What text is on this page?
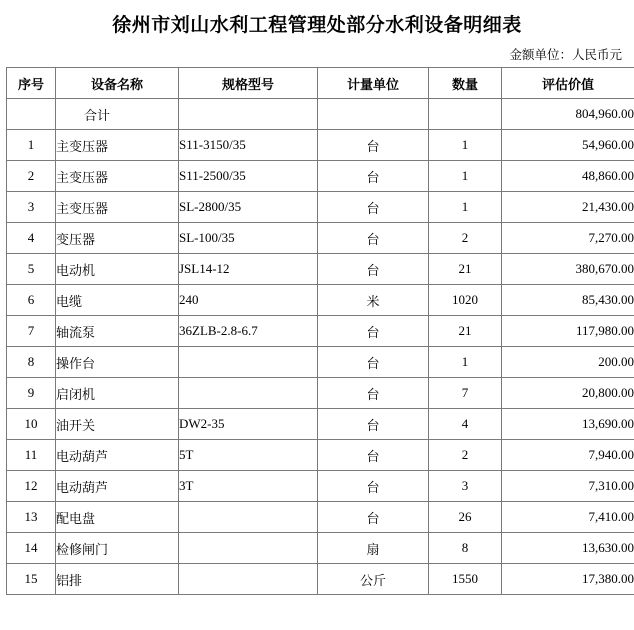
徐州市刘山水利工程管理处部分水利设备明细表
金额单位：人民币元
序号	设备名称	规格型号	计量单位	数量	评估价值
	合计				804,960.00
1	主变压器	S11-3150/35	台	1	54,960.00
2	主变压器	S11-2500/35	台	1	48,860.00
3	主变压器	SL-2800/35	台	1	21,430.00
4	变压器	SL-100/35	台	2	7,270.00
5	电动机	JSL14-12	台	21	380,670.00
6	电缆	240	米	1020	85,430.00
7	轴流泵	36ZLB-2.8-6.7	台	21	117,980.00
8	操作台		台	1	200.00
9	启闭机		台	7	20,800.00
10	油开关	DW2-35	台	4	13,690.00
11	电动葫芦	5T	台	2	7,940.00
12	电动葫芦	3T	台	3	7,310.00
13	配电盘		台	26	7,410.00
14	检修闸门		扇	8	13,630.00
15	铝排		公斤	1550	17,380.00
